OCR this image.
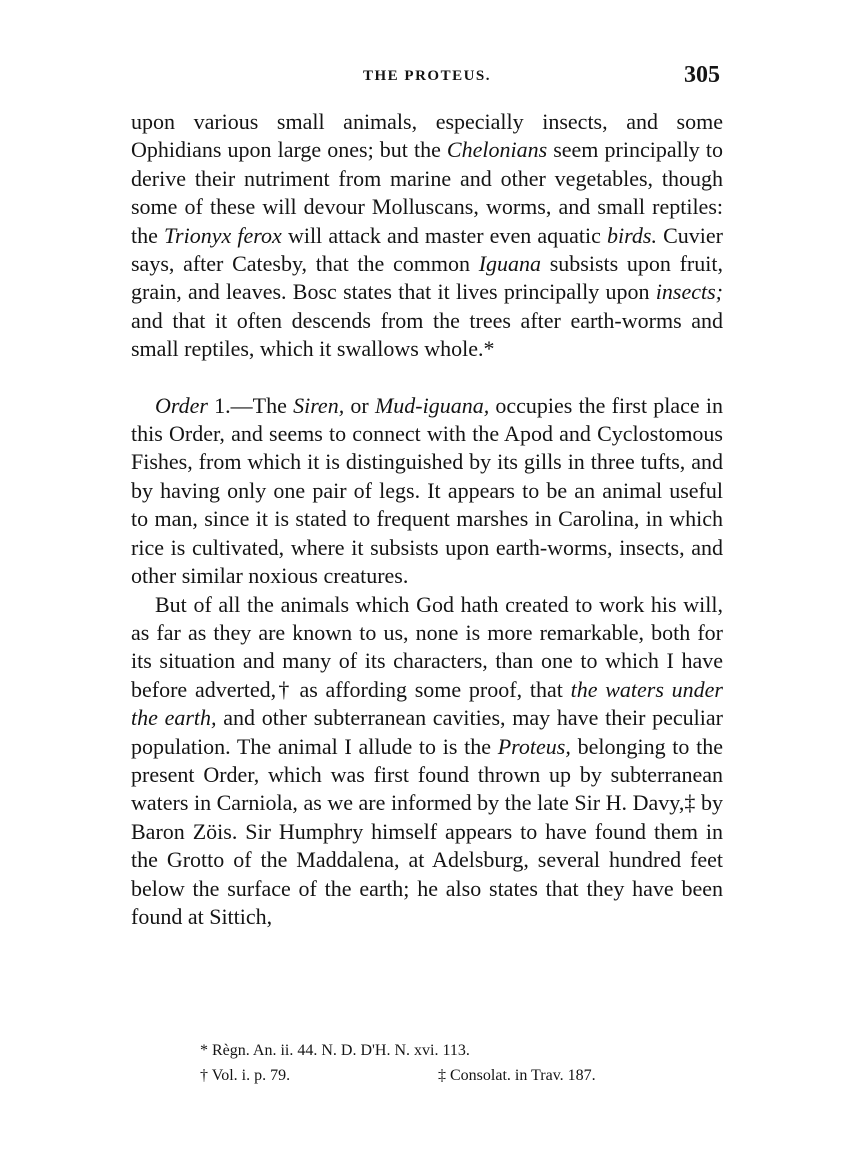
THE PROTEUS.	305

upon various small animals, especially insects, and some Ophidians upon large ones; but the Chelonians seem principally to derive their nutriment from marine and other vegetables, though some of these will devour Molluscans, worms, and small reptiles: the Trionyx ferox will attack and master even aquatic birds. Cuvier says, after Catesby, that the common Iguana subsists upon fruit, grain, and leaves. Bosc states that it lives principally upon insects; and that it often descends from the trees after earth-worms and small reptiles, which it swallows whole.*

Order 1.—The Siren, or Mud-iguana, occupies the first place in this Order, and seems to connect with the Apod and Cyclostomous Fishes, from which it is distinguished by its gills in three tufts, and by having only one pair of legs. It appears to be an animal useful to man, since it is stated to frequent marshes in Carolina, in which rice is cultivated, where it subsists upon earth-worms, insects, and other similar noxious creatures.

But of all the animals which God hath created to work his will, as far as they are known to us, none is more remarkable, both for its situation and many of its characters, than one to which I have before adverted,† as affording some proof, that the waters under the earth, and other subterranean cavities, may have their peculiar population. The animal I allude to is the Proteus, belonging to the present Order, which was first found thrown up by subterranean waters in Carniola, as we are informed by the late Sir H. Davy,‡ by Baron Zöis. Sir Humphry himself appears to have found them in the Grotto of the Maddalena, at Adelsburg, several hundred feet below the surface of the earth; he also states that they have been found at Sittich,

* Règn. An. ii. 44. N. D. D'H. N. xvi. 113.
† Vol. i. p. 79.	‡ Consolat. in Trav. 187.
